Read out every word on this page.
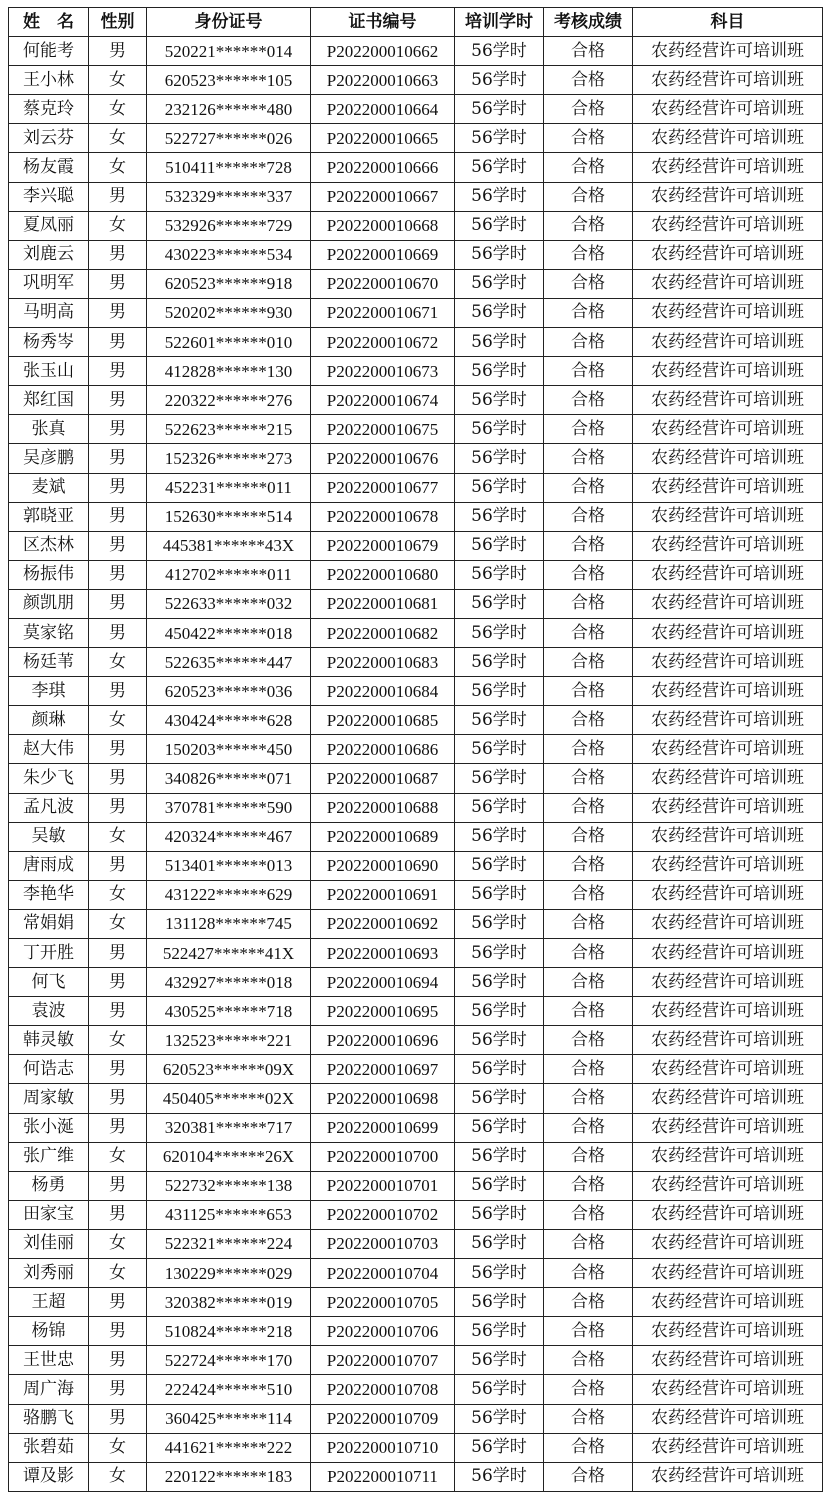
姓　名	性别	身份证号	证书编号	培训学时	考核成绩	科目
何能考	男	520221******014	P202200010662	56学时	合格	农药经营许可培训班
王小林	女	620523******105	P202200010663	56学时	合格	农药经营许可培训班
蔡克玲	女	232126******480	P202200010664	56学时	合格	农药经营许可培训班
刘云芬	女	522727******026	P202200010665	56学时	合格	农药经营许可培训班
杨友霞	女	510411******728	P202200010666	56学时	合格	农药经营许可培训班
李兴聪	男	532329******337	P202200010667	56学时	合格	农药经营许可培训班
夏凤丽	女	532926******729	P202200010668	56学时	合格	农药经营许可培训班
刘鹿云	男	430223******534	P202200010669	56学时	合格	农药经营许可培训班
巩明军	男	620523******918	P202200010670	56学时	合格	农药经营许可培训班
马明高	男	520202******930	P202200010671	56学时	合格	农药经营许可培训班
杨秀岑	男	522601******010	P202200010672	56学时	合格	农药经营许可培训班
张玉山	男	412828******130	P202200010673	56学时	合格	农药经营许可培训班
郑红国	男	220322******276	P202200010674	56学时	合格	农药经营许可培训班
张真	男	522623******215	P202200010675	56学时	合格	农药经营许可培训班
吴彦鹏	男	152326******273	P202200010676	56学时	合格	农药经营许可培训班
麦斌	男	452231******011	P202200010677	56学时	合格	农药经营许可培训班
郭晓亚	男	152630******514	P202200010678	56学时	合格	农药经营许可培训班
区杰林	男	445381******43X	P202200010679	56学时	合格	农药经营许可培训班
杨振伟	男	412702******011	P202200010680	56学时	合格	农药经营许可培训班
颜凯朋	男	522633******032	P202200010681	56学时	合格	农药经营许可培训班
莫家铭	男	450422******018	P202200010682	56学时	合格	农药经营许可培训班
杨廷苇	女	522635******447	P202200010683	56学时	合格	农药经营许可培训班
李琪	男	620523******036	P202200010684	56学时	合格	农药经营许可培训班
颜琳	女	430424******628	P202200010685	56学时	合格	农药经营许可培训班
赵大伟	男	150203******450	P202200010686	56学时	合格	农药经营许可培训班
朱少飞	男	340826******071	P202200010687	56学时	合格	农药经营许可培训班
孟凡波	男	370781******590	P202200010688	56学时	合格	农药经营许可培训班
吴敏	女	420324******467	P202200010689	56学时	合格	农药经营许可培训班
唐雨成	男	513401******013	P202200010690	56学时	合格	农药经营许可培训班
李艳华	女	431222******629	P202200010691	56学时	合格	农药经营许可培训班
常娟娟	女	131128******745	P202200010692	56学时	合格	农药经营许可培训班
丁开胜	男	522427******41X	P202200010693	56学时	合格	农药经营许可培训班
何飞	男	432927******018	P202200010694	56学时	合格	农药经营许可培训班
袁波	男	430525******718	P202200010695	56学时	合格	农药经营许可培训班
韩灵敏	女	132523******221	P202200010696	56学时	合格	农药经营许可培训班
何诰志	男	620523******09X	P202200010697	56学时	合格	农药经营许可培训班
周家敏	男	450405******02X	P202200010698	56学时	合格	农药经营许可培训班
张小涎	男	320381******717	P202200010699	56学时	合格	农药经营许可培训班
张广维	女	620104******26X	P202200010700	56学时	合格	农药经营许可培训班
杨勇	男	522732******138	P202200010701	56学时	合格	农药经营许可培训班
田家宝	男	431125******653	P202200010702	56学时	合格	农药经营许可培训班
刘佳丽	女	522321******224	P202200010703	56学时	合格	农药经营许可培训班
刘秀丽	女	130229******029	P202200010704	56学时	合格	农药经营许可培训班
王超	男	320382******019	P202200010705	56学时	合格	农药经营许可培训班
杨锦	男	510824******218	P202200010706	56学时	合格	农药经营许可培训班
王世忠	男	522724******170	P202200010707	56学时	合格	农药经营许可培训班
周广海	男	222424******510	P202200010708	56学时	合格	农药经营许可培训班
骆鹏飞	男	360425******114	P202200010709	56学时	合格	农药经营许可培训班
张碧茹	女	441621******222	P202200010710	56学时	合格	农药经营许可培训班
谭及影	女	220122******183	P202200010711	56学时	合格	农药经营许可培训班
